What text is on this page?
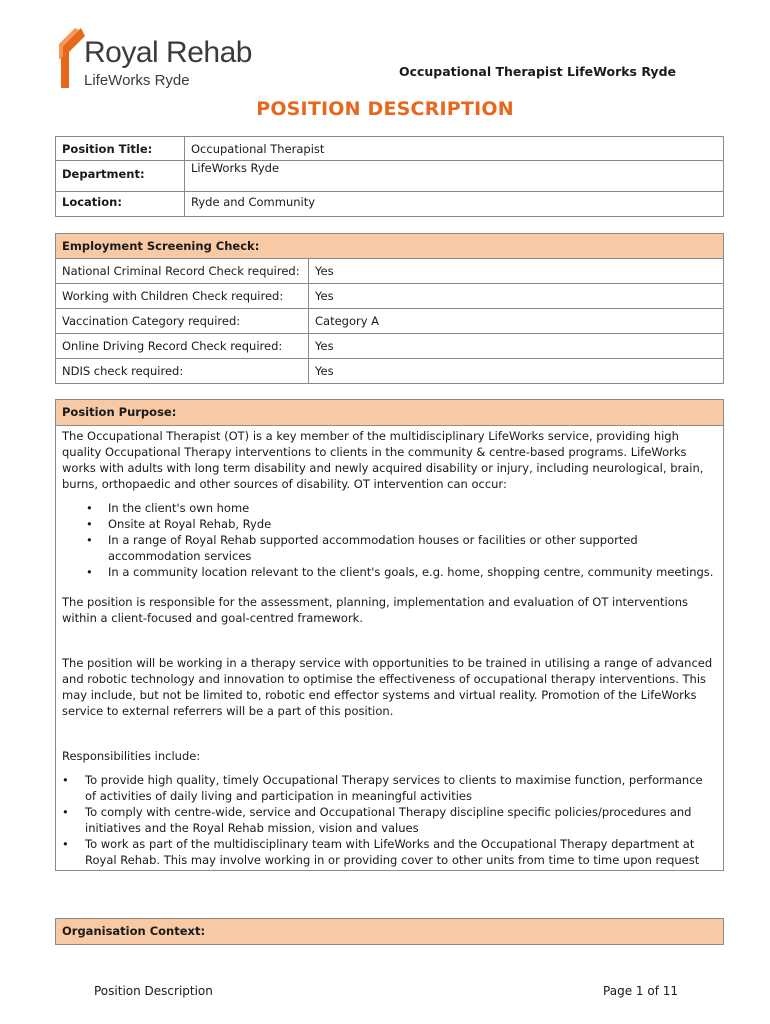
Royal Rehab
LifeWorks Ryde
Occupational Therapist LifeWorks Ryde
POSITION DESCRIPTION
Position Title:	Occupational Therapist
Department:	LifeWorks Ryde
Location:	Ryde and Community
Employment Screening Check:	
National Criminal Record Check required:	Yes
Working with Children Check required:	Yes
Vaccination Category required:	Category A
Online Driving Record Check required:	Yes
NDIS check required:	Yes
Position Purpose:

The Occupational Therapist (OT) is a key member of the multidisciplinary LifeWorks service, providing high quality Occupational Therapy interventions to clients in the community & centre-based programs. LifeWorks works with adults with long term disability and newly acquired disability or injury, including neurological, brain, burns, orthopaedic and other sources of disability. OT intervention can occur:

• In the client's own home
• Onsite at Royal Rehab, Ryde
• In a range of Royal Rehab supported accommodation houses or facilities or other supported accommodation services
• In a community location relevant to the client's goals, e.g. home, shopping centre, community meetings.

The position is responsible for the assessment, planning, implementation and evaluation of OT interventions within a client-focused and goal-centred framework.

The position will be working in a therapy service with opportunities to be trained in utilising a range of advanced and robotic technology and innovation to optimise the effectiveness of occupational therapy interventions. This may include, but not be limited to, robotic end effector systems and virtual reality. Promotion of the LifeWorks service to external referrers will be a part of this position.

Responsibilities include:

• To provide high quality, timely Occupational Therapy services to clients to maximise function, performance of activities of daily living and participation in meaningful activities
• To comply with centre-wide, service and Occupational Therapy discipline specific policies/procedures and initiatives and the Royal Rehab mission, vision and values
• To work as part of the multidisciplinary team with LifeWorks and the Occupational Therapy department at Royal Rehab. This may involve working in or providing cover to other units from time to time upon request
Organisation Context:
Position Description	Page 1 of 11
